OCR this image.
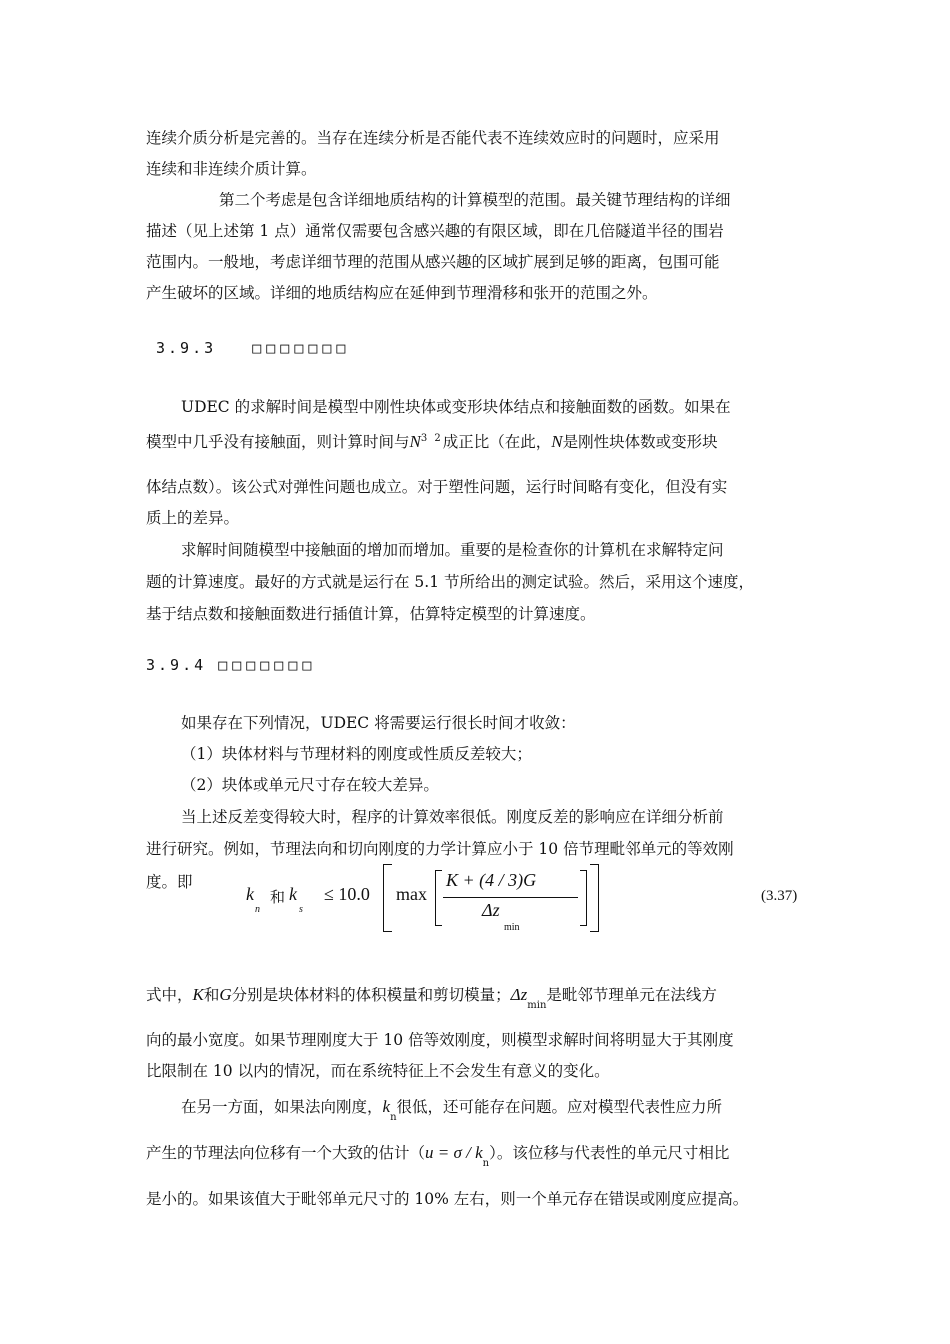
连续介质分析是完善的。当存在连续分析是否能代表不连续效应时的问题时，应采用
连续和非连续介质计算。
第二个考虑是包含详细地质结构的计算模型的范围。最关键节理结构的详细
描述（见上述第 1 点）通常仅需要包含感兴趣的有限区域，即在几倍隧道半径的围岩
范围内。一般地，考虑详细节理的范围从感兴趣的区域扩展到足够的距离，包围可能
产生破坏的区域。详细的地质结构应在延伸到节理滑移和张开的范围之外。
3.9.3 □□□□□□□
UDEC 的求解时间是模型中刚性块体或变形块体结点和接触面数的函数。如果在
模型中几乎没有接触面，则计算时间与$N^{3 2}$成正比（在此，N是刚性块体数或变形块
体结点数）。该公式对弹性问题也成立。对于塑性问题，运行时间略有变化，但没有实
质上的差异。
求解时间随模型中接触面的增加而增加。重要的是检查你的计算机在求解特定问
题的计算速度。最好的方式就是运行在 5.1 节所给出的测定试验。然后，采用这个速度，
基于结点数和接触面数进行插值计算，估算特定模型的计算速度。
3.9.4 □□□□□□□
如果存在下列情况，UDEC 将需要运行很长时间才收敛：
（1）块体材料与节理材料的刚度或性质反差较大；
（2）块体或单元尺寸存在较大差异。
当上述反差变得较大时，程序的计算效率很低。刚度反差的影响应在详细分析前
进行研究。例如，节理法向和切向刚度的力学计算应小于 10 倍节理毗邻单元的等效刚
度。即
k
n
和 k
s
≤ 10.0 max
K + (4 / 3)G
Δz
min
(3.37)
式中，K和G分别是块体材料的体积模量和剪切模量；$\Delta z_{min}$是毗邻节理单元在法线方
向的最小宽度。如果节理刚度大于 10 倍等效刚度，则模型求解时间将明显大于其刚度
比限制在 10 以内的情况，而在系统特征上不会发生有意义的变化。
在另一方面，如果法向刚度，$k_n$很低，还可能存在问题。应对模型代表性应力所
产生的节理法向位移有一个大致的估计$(u = \sigma / k_n)$。该位移与代表性的单元尺寸相比
是小的。如果该值大于毗邻单元尺寸的 10% 左右，则一个单元存在错误或刚度应提高。
